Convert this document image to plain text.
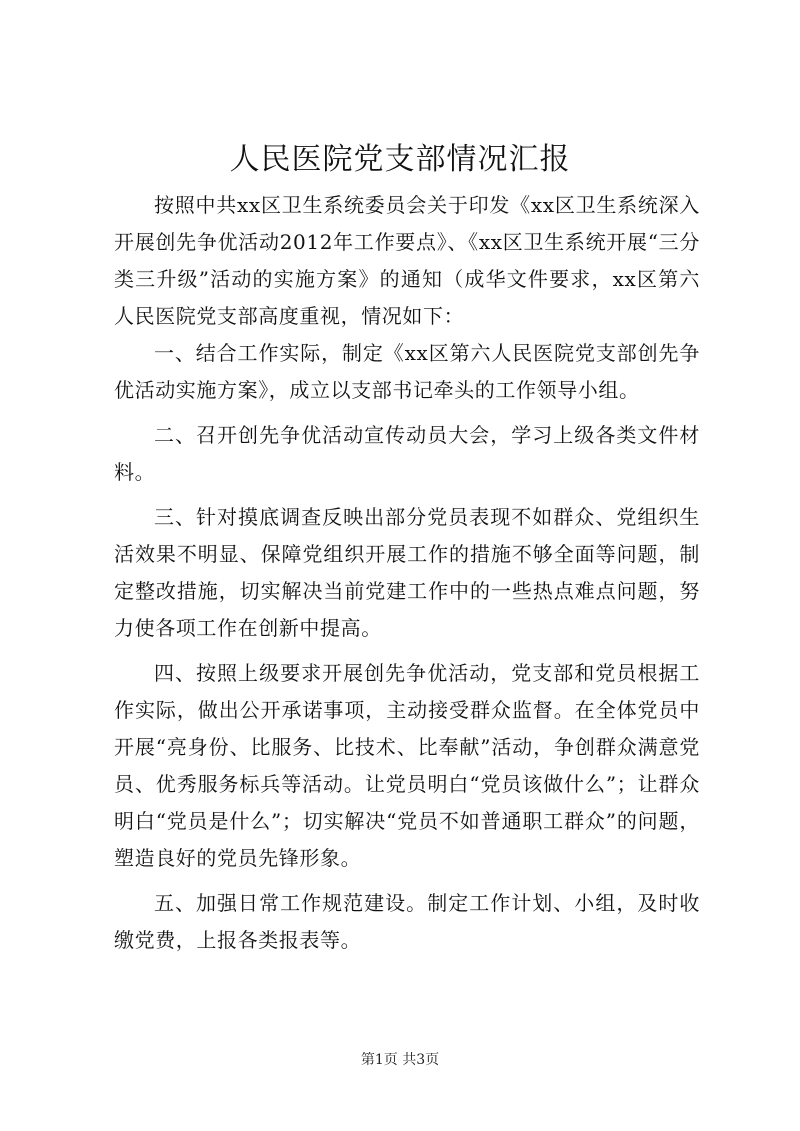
人民医院党支部情况汇报

按照中共xx区卫生系统委员会关于印发《xx区卫生系统深入开展创先争优活动2012年工作要点》、《xx区卫生系统开展“三分类三升级”活动的实施方案》的通知（成华文件要求，xx区第六人民医院党支部高度重视，情况如下：

一、结合工作实际，制定《xx区第六人民医院党支部创先争优活动实施方案》，成立以支部书记牵头的工作领导小组。

二、召开创先争优活动宣传动员大会，学习上级各类文件材料。

三、针对摸底调查反映出部分党员表现不如群众、党组织生活效果不明显、保障党组织开展工作的措施不够全面等问题，制定整改措施，切实解决当前党建工作中的一些热点难点问题，努力使各项工作在创新中提高。

四、按照上级要求开展创先争优活动，党支部和党员根据工作实际，做出公开承诺事项，主动接受群众监督。在全体党员中开展“亮身份、比服务、比技术、比奉献”活动，争创群众满意党员、优秀服务标兵等活动。让党员明白“党员该做什么”；让群众明白“党员是什么”；切实解决“党员不如普通职工群众”的问题，塑造良好的党员先锋形象。

五、加强日常工作规范建设。制定工作计划、小组，及时收缴党费，上报各类报表等。

第1页 共3页
